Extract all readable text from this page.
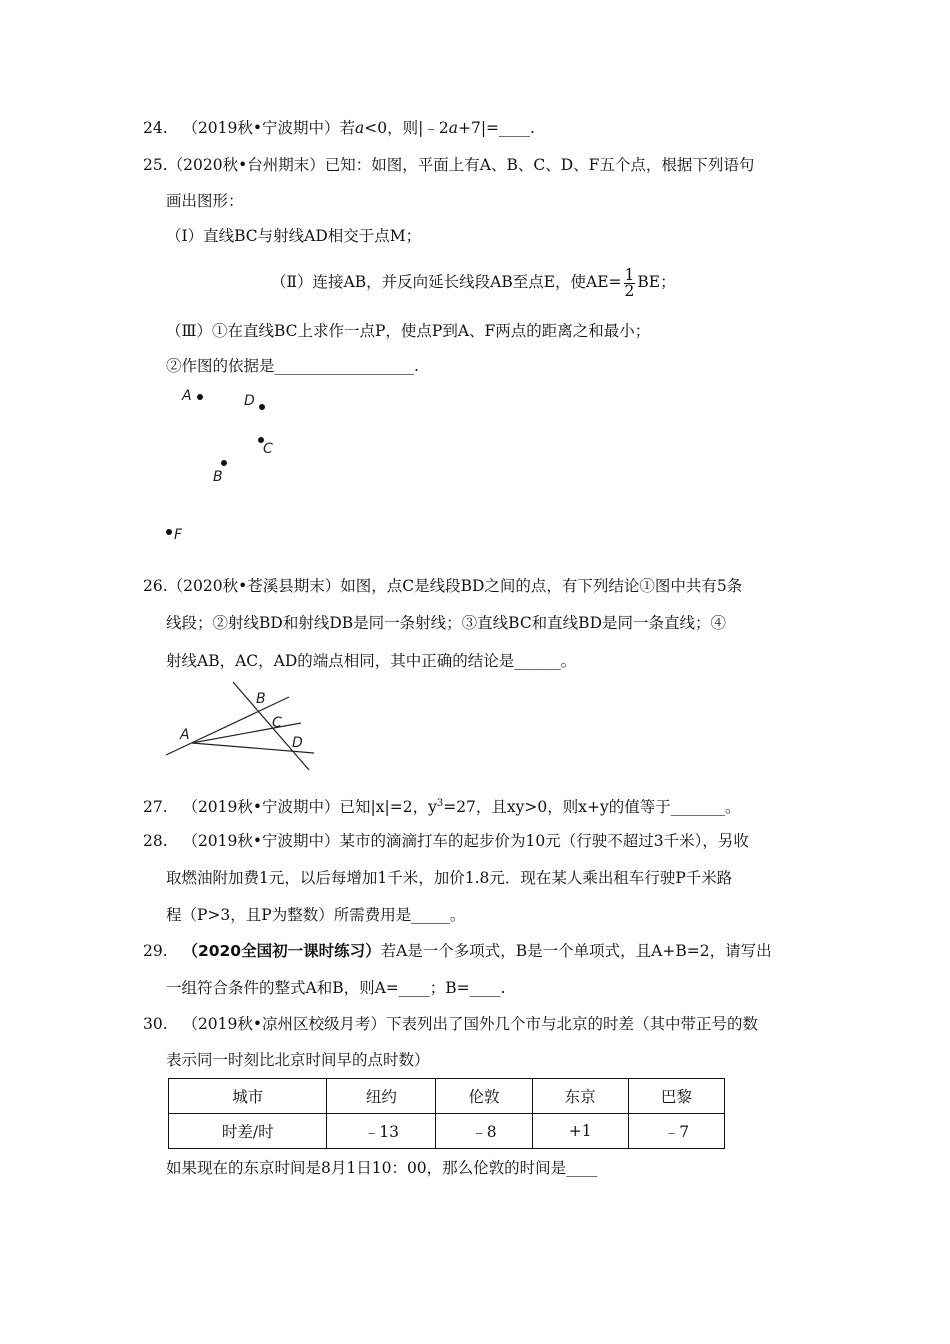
24. （2019秋•宁波期中）若a<0，则|﹣2a+7|=____.
25.（2020秋•台州期末）已知：如图，平面上有A、B、C、D、F五个点，根据下列语句
画出图形：
（Ⅰ）直线BC与射线AD相交于点M；
（Ⅱ）连接AB，并反向延长线段AB至点E，使$AE= \frac{1}{2}$ BE；
（Ⅲ）①在直线BC上求作一点P，使点P到A、F两点的距离之和最小；
②作图的依据是__________________.
A	D
C
B
F
26.（2020秋•苍溪县期末）如图，点C是线段BD之间的点，有下列结论①图中共有5条
线段；②射线BD和射线DB是同一条射线；③直线BC和直线BD是同一条直线；④
射线AB，AC，AD的端点相同，其中正确的结论是______。
A
B
C
D
27. （2019秋•宁波期中）已知|x|=2，$y^3=27$，且xy>0，则x+y的值等于_______。
28. （2019秋•宁波期中）某市的滴滴打车的起步价为10元（行驶不超过3千米），另收
取燃油附加费1元，以后每增加1千米，加价1.8元．现在某人乘出租车行驶P千米路
程（P>3，且P为整数）所需费用是_____。
29. （2020全国初一课时练习）若A是一个多项式，B是一个单项式，且A+B=2，请写出
一组符合条件的整式A和B，则A=____；B=____.
30. （2019秋•凉州区校级月考）下表列出了国外几个市与北京的时差（其中带正号的数
表示同一时刻比北京时间早的点时数）
城市	纽约	伦敦	东京	巴黎
时差/时	﹣13	﹣8	+1	﹣7
如果现在的东京时间是8月1日10：00，那么伦敦的时间是____
